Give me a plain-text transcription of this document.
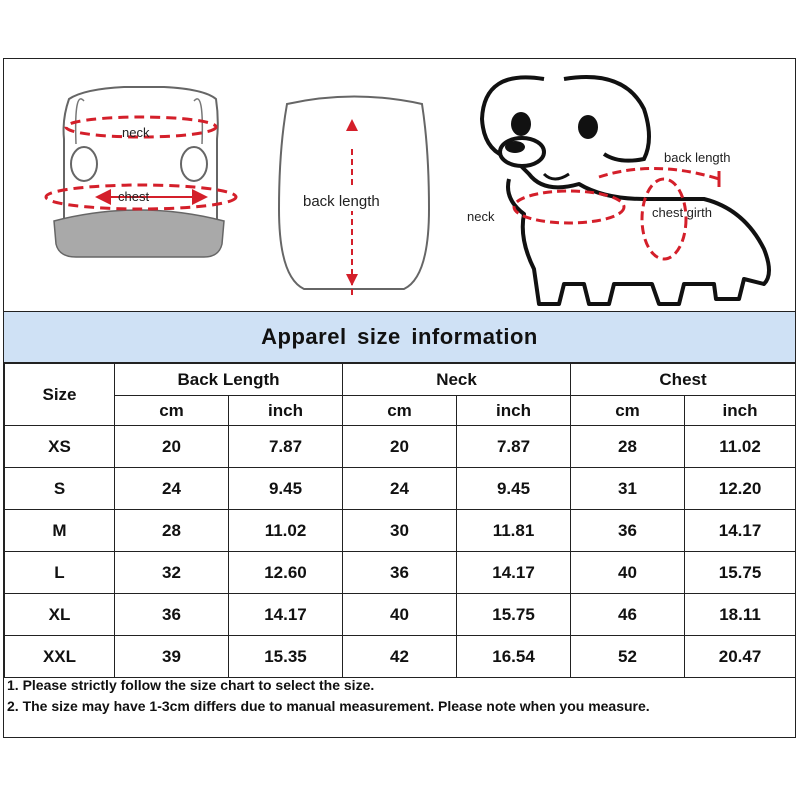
neck
chest	back length
back length
neck	chest girth
Apparel size information
Size	Back Length		Neck		Chest	
	cm	inch	cm	inch	cm	inch
XS	20	7.87	20	7.87	28	11.02
S	24	9.45	24	9.45	31	12.20
M	28	11.02	30	11.81	36	14.17
L	32	12.60	36	14.17	40	15.75
XL	36	14.17	40	15.75	46	18.11
XXL	39	15.35	42	16.54	52	20.47
1. Please strictly follow the size chart to select the size.
2. The size may have 1-3cm differs due to manual measurement. Please note when you measure.
